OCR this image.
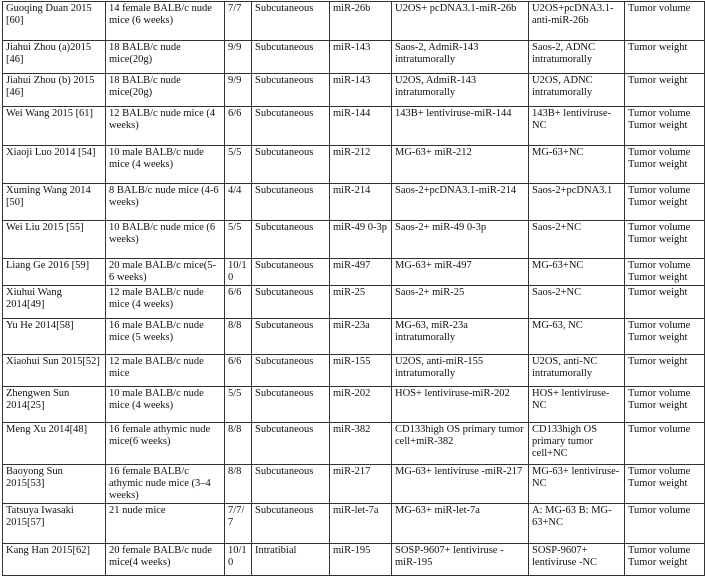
Guoqing Duan 2015 [60]	14 female BALB/c nude mice (6 weeks)	7/7	Subcutaneous	miR-26b	U2OS+ pcDNA3.1-miR-26b	U2OS+pcDNA3.1-anti-miR-26b	Tumor volume
Jiahui Zhou (a)2015 [46]	18 BALB/c nude mice(20g)	9/9	Subcutaneous	miR-143	Saos-2, AdmiR-143 intratumorally	Saos-2, ADNC intratumorally	Tumor weight
Jiahui Zhou (b) 2015 [46]	18 BALB/c nude mice(20g)	9/9	Subcutaneous	miR-143	U2OS, AdmiR-143 intratumorally	U2OS, ADNC intratumorally	Tumor weight
Wei Wang 2015 [61]	12 BALB/c nude mice (4 weeks)	6/6	Subcutaneous	miR-144	143B+ lentiviruse-miR-144	143B+ lentiviruse-NC	Tumor volume Tumor weight
Xiaoji Luo 2014 [54]	10 male BALB/c nude mice (4 weeks)	5/5	Subcutaneous	miR-212	MG-63+ miR-212	MG-63+NC	Tumor volume Tumor weight
Xuming Wang 2014 [50]	8 BALB/c nude mice (4-6 weeks)	4/4	Subcutaneous	miR-214	Saos-2+pcDNA3.1-miR-214	Saos-2+pcDNA3.1	Tumor volume Tumor weight
Wei Liu 2015 [55]	10 BALB/c nude mice (6 weeks)	5/5	Subcutaneous	miR-49 0-3p	Saos-2+ miR-49 0-3p	Saos-2+NC	Tumor volume Tumor weight
Liang Ge 2016 [59]	20 male BALB/c mice(5-6 weeks)	10/10	Subcutaneous	miR-497	MG-63+ miR-497	MG-63+NC	Tumor volume Tumor weight
Xiuhui Wang 2014[49]	12 male BALB/c nude mice (4 weeks)	6/6	Subcutaneous	miR-25	Saos-2+ miR-25	Saos-2+NC	Tumor weight
Yu He 2014[58]	16 male BALB/c nude mice (5 weeks)	8/8	Subcutaneous	miR-23a	MG-63, miR-23a intratumorally	MG-63, NC	Tumor volume Tumor weight
Xiaohui Sun 2015[52]	12 male BALB/c nude mice	6/6	Subcutaneous	miR-155	U2OS, anti-miR-155 intratumorally	U2OS, anti-NC intratumorally	Tumor weight
Zhengwen Sun 2014[25]	10 male BALB/c nude mice (4 weeks)	5/5	Subcutaneous	miR-202	HOS+ lentiviruse-miR-202	HOS+ lentiviruse-NC	Tumor volume Tumor weight
Meng Xu 2014[48]	16 female athymic nude mice(6 weeks)	8/8	Subcutaneous	miR-382	CD133high OS primary tumor cell+miR-382	CD133high OS primary tumor cell+NC	Tumor volume
Baoyong Sun 2015[53]	16 female BALB/c athymic nude mice (3–4 weeks)	8/8	Subcutaneous	miR-217	MG-63+ lentiviruse -miR-217	MG-63+ lentiviruse-NC	Tumor volume Tumor weight
Tatsuya Iwasaki 2015[57]	21 nude mice	7/7/7	Subcutaneous	miR-let-7a	MG-63+ miR-let-7a	A: MG-63 B: MG-63+NC	Tumor volume
Kang Han 2015[62]	20 female BALB/c nude mice(4 weeks)	10/10	Intratibial	miR-195	SOSP-9607+ lentiviruse -miR-195	SOSP-9607+ lentiviruse -NC	Tumor volume Tumor weight
